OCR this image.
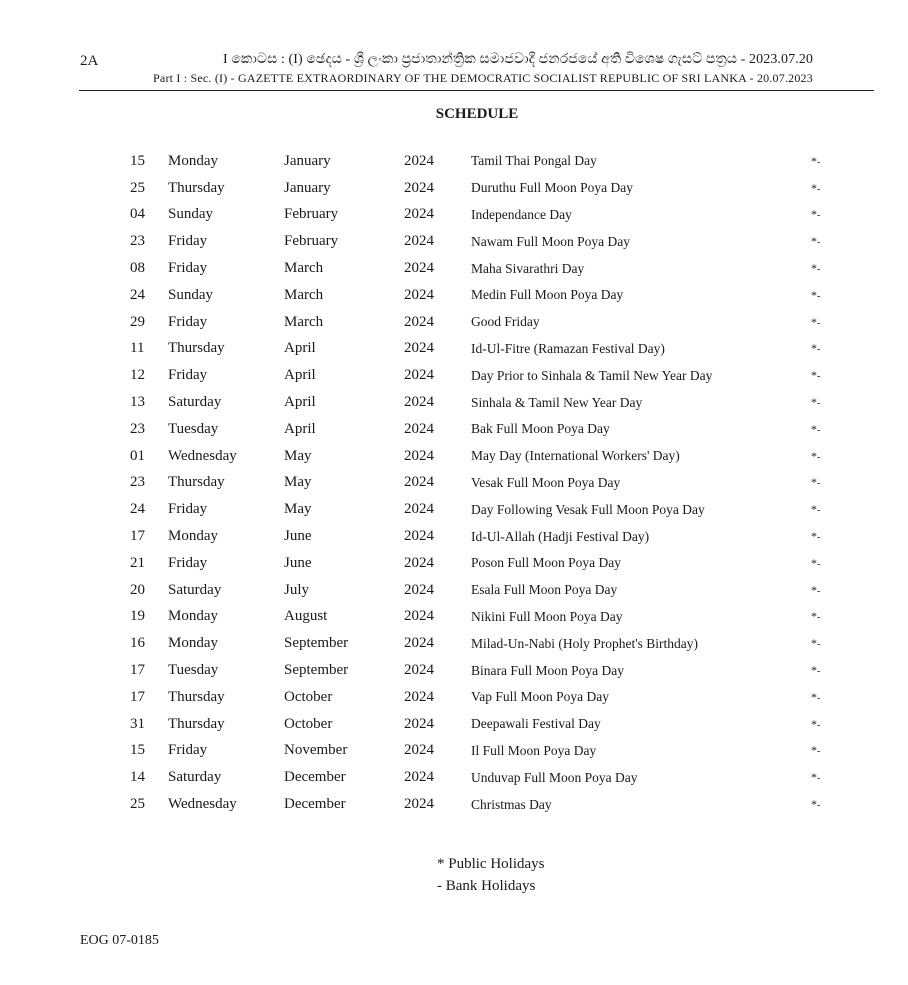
2A	I කොටස : (I) ඡෙදය - ශ්‍රී ලංකා ප්‍රජාතාන්ත්‍රික සමාජවාදී ජනරජයේ අති විශෙෂ ගැසට් පත්‍රය - 2023.07.20
Part I : Sec. (I) - GAZETTE EXTRAORDINARY OF THE DEMOCRATIC SOCIALIST REPUBLIC OF SRI LANKA - 20.07.2023
SCHEDULE
15	Monday	January	2024	Tamil Thai Pongal Day	*-
25	Thursday	January	2024	Duruthu Full Moon Poya Day	*-
04	Sunday	February	2024	Independance Day	*-
23	Friday	February	2024	Nawam Full Moon Poya Day	*-
08	Friday	March	2024	Maha Sivarathri Day	*-
24	Sunday	March	2024	Medin Full Moon Poya Day	*-
29	Friday	March	2024	Good Friday	*-
11	Thursday	April	2024	Id-Ul-Fitre (Ramazan Festival Day)	*-
12	Friday	April	2024	Day Prior to Sinhala & Tamil New Year Day	*-
13	Saturday	April	2024	Sinhala & Tamil New Year Day	*-
23	Tuesday	April	2024	Bak Full Moon Poya Day	*-
01	Wednesday	May	2024	May Day (International Workers' Day)	*-
23	Thursday	May	2024	Vesak Full Moon Poya Day	*-
24	Friday	May	2024	Day Following Vesak Full Moon Poya Day	*-
17	Monday	June	2024	Id-Ul-Allah (Hadji Festival Day)	*-
21	Friday	June	2024	Poson Full Moon Poya Day	*-
20	Saturday	July	2024	Esala Full Moon Poya Day	*-
19	Monday	August	2024	Nikini Full Moon Poya Day	*-
16	Monday	September	2024	Milad-Un-Nabi (Holy Prophet's Birthday)	*-
17	Tuesday	September	2024	Binara Full Moon Poya Day	*-
17	Thursday	October	2024	Vap Full Moon Poya Day	*-
31	Thursday	October	2024	Deepawali Festival Day	*-
15	Friday	November	2024	Il Full Moon Poya Day	*-
14	Saturday	December	2024	Unduvap Full Moon Poya Day	*-
25	Wednesday	December	2024	Christmas Day	*-
* Public Holidays
- Bank Holidays
EOG 07-0185
